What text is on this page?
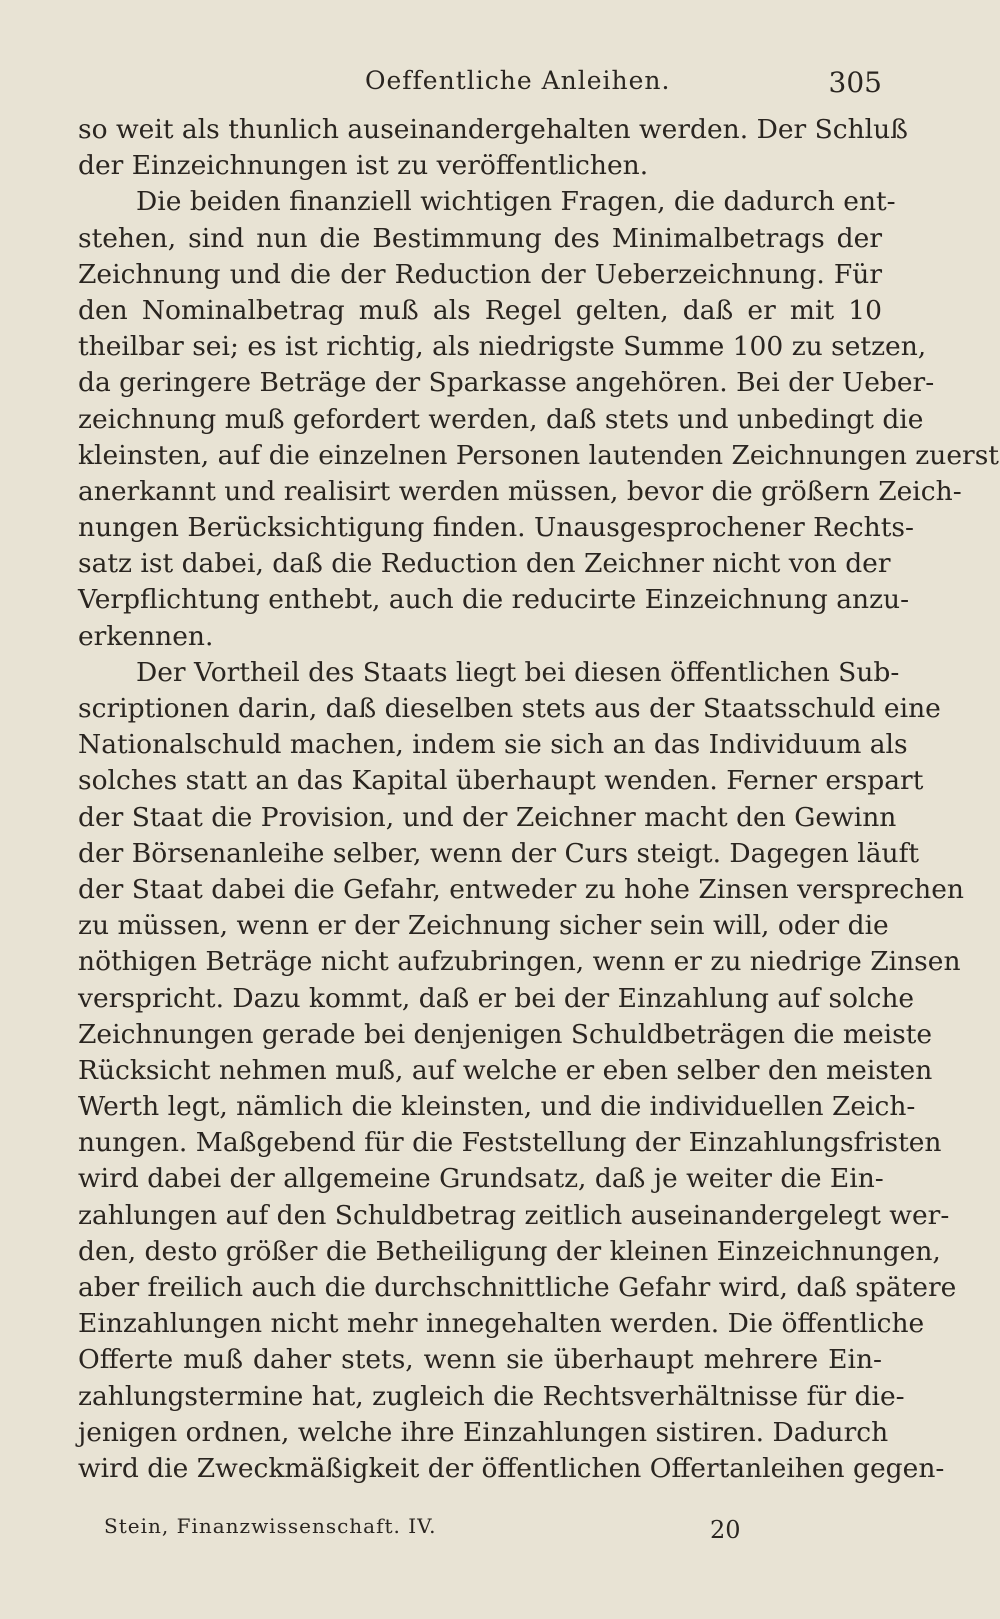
Oeffentliche Anleihen.	305
so weit als thunlich auseinandergehalten werden. Der Schluß
der Einzeichnungen ist zu veröffentlichen.
Die beiden finanziell wichtigen Fragen, die dadurch ent-
stehen, sind nun die Bestimmung des Minimalbetrags der
Zeichnung und die der Reduction der Ueberzeichnung. Für
den Nominalbetrag muß als Regel gelten, daß er mit 10
theilbar sei; es ist richtig, als niedrigste Summe 100 zu setzen,
da geringere Beträge der Sparkasse angehören. Bei der Ueber-
zeichnung muß gefordert werden, daß stets und unbedingt die
kleinsten, auf die einzelnen Personen lautenden Zeichnungen zuerst
anerkannt und realisirt werden müssen, bevor die größern Zeich-
nungen Berücksichtigung finden. Unausgesprochener Rechts-
satz ist dabei, daß die Reduction den Zeichner nicht von der
Verpflichtung enthebt, auch die reducirte Einzeichnung anzu-
erkennen.
Der Vortheil des Staats liegt bei diesen öffentlichen Sub-
scriptionen darin, daß dieselben stets aus der Staatsschuld eine
Nationalschuld machen, indem sie sich an das Individuum als
solches statt an das Kapital überhaupt wenden. Ferner erspart
der Staat die Provision, und der Zeichner macht den Gewinn
der Börsenanleihe selber, wenn der Curs steigt. Dagegen läuft
der Staat dabei die Gefahr, entweder zu hohe Zinsen versprechen
zu müssen, wenn er der Zeichnung sicher sein will, oder die
nöthigen Beträge nicht aufzubringen, wenn er zu niedrige Zinsen
verspricht. Dazu kommt, daß er bei der Einzahlung auf solche
Zeichnungen gerade bei denjenigen Schuldbeträgen die meiste
Rücksicht nehmen muß, auf welche er eben selber den meisten
Werth legt, nämlich die kleinsten, und die individuellen Zeich-
nungen. Maßgebend für die Feststellung der Einzahlungsfristen
wird dabei der allgemeine Grundsatz, daß je weiter die Ein-
zahlungen auf den Schuldbetrag zeitlich auseinandergelegt wer-
den, desto größer die Betheiligung der kleinen Einzeichnungen,
aber freilich auch die durchschnittliche Gefahr wird, daß spätere
Einzahlungen nicht mehr innegehalten werden. Die öffentliche
Offerte muß daher stets, wenn sie überhaupt mehrere Ein-
zahlungstermine hat, zugleich die Rechtsverhältnisse für die-
jenigen ordnen, welche ihre Einzahlungen sistiren. Dadurch
wird die Zweckmäßigkeit der öffentlichen Offertanleihen gegen-
Stein, Finanzwissenschaft. IV.	20
